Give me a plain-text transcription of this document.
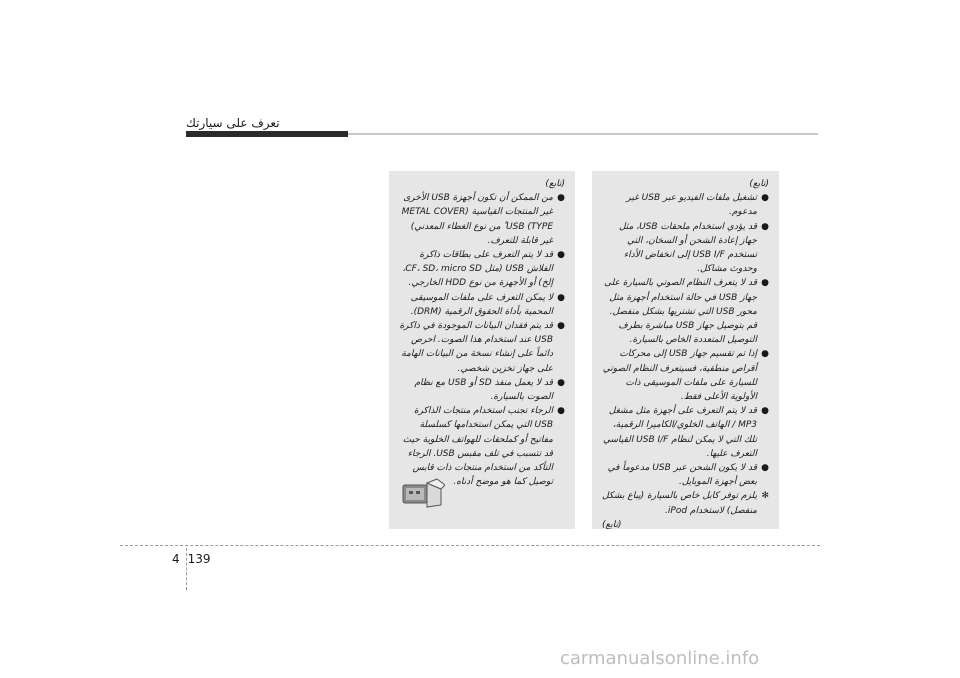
تعرف على سيارتك
(تابع)
●
من الممكن أن تكون أجهزة USB الأخرى غير المنتجات القياسية (METAL COVER TYPE) USB ٌ من نوع الغطاء المعدني) غير قابلة للتعرف.
●
قد لا يتم التعرف على بطاقات ذاكرة الفلاش USB (مثل CF، SD، micro SD، إلخ) أو الأجهزة من نوع HDD الخارجي.
●
لا يمكن التعرف على ملفات الموسيقى المحمية بأداة الحقوق الرقمية (DRM).
●
قد يتم فقدان البيانات الموجودة في ذاكرة USB عند استخدام هذا الصوت. احرص دائماً على إنشاء نسخة من البيانات الهامة على جهاز تخزين شخصي.
●
قد لا يعمل منفذ SD أو USB مع نظام الصوت بالسيارة.
●
الرجاء تجنب استخدام منتجات الذاكرة USB التي يمكن استخدامها كسلسلة مفاتيح أو كملحقات للهواتف الخلوية حيث قد تتسبب في تلف مقبس USB. الرجاء التأكد من استخدام منتجات ذات قابس توصيل كما هو موضح أدناه.
(تابع)
●
تشغيل ملفات الفيديو عبر USB غير مدعوم.
●
قد يؤدي استخدام ملحقات USB، مثل جهاز إعادة الشحن أو السخان، التي تستخدم USB I/F إلى انخفاض الأداء وحدوث مشاكل.
●
قد لا يتعرف النظام الصوتي بالسيارة على جهاز USB في حالة استخدام أجهزة مثل محور USB التي تشتريها بشكل منفصل. قم بتوصيل جهاز USB مباشرة بطرف التوصيل المتعددة الخاص بالسيارة.
●
إذا تم تقسيم جهاز USB إلى محركات أقراص منطقية، فسيتعرف النظام الصوتي للسيارة على ملفات الموسيقى ذات الأولوية الأعلى فقط.
●
قد لا يتم التعرف على أجهزة مثل مشغل MP3 / الهاتف الخلوي/الكاميرا الرقمية، تلك التي لا يمكن لنظام USB I/F القياسي التعرف عليها.
●
قد لا يكون الشحن عبر USB مدعوماً في بعض أجهزة الموبايل.
✻
يلزم توفر كابل خاص بالسيارة (يباع بشكل منفصل) لاستخدام iPod.
(تابع)
4 139
carmanualsonline.info
